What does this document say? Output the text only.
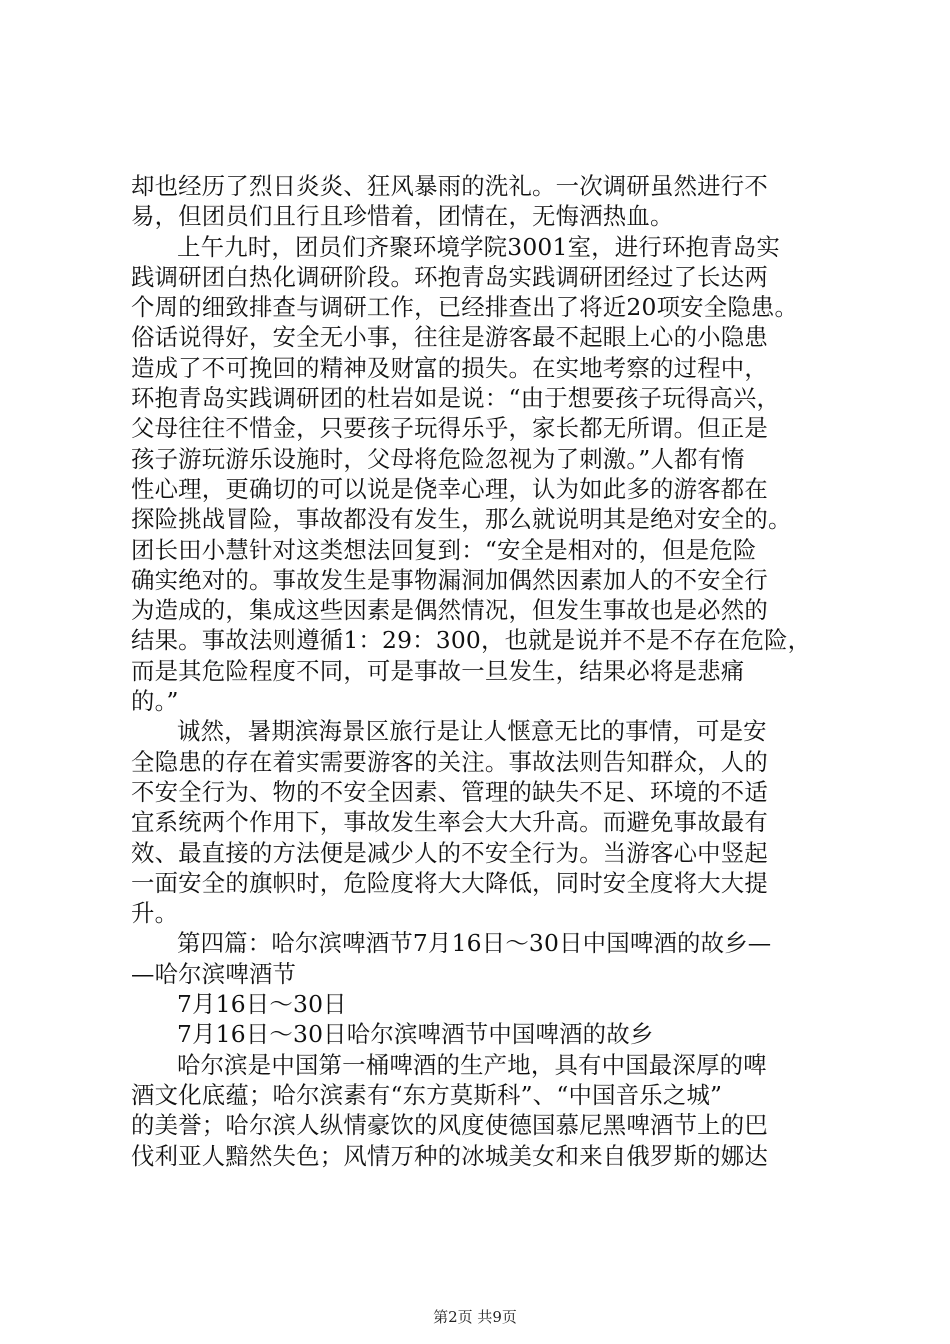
却也经历了烈日炎炎、狂风暴雨的洗礼。一次调研虽然进行不
易，但团员们且行且珍惜着，团情在，无悔洒热血。

上午九时，团员们齐聚环境学院3001室，进行环抱青岛实
践调研团白热化调研阶段。环抱青岛实践调研团经过了长达两
个周的细致排查与调研工作，已经排查出了将近20项安全隐患。
俗话说得好，安全无小事，往往是游客最不起眼上心的小隐患
造成了不可挽回的精神及财富的损失。在实地考察的过程中，
环抱青岛实践调研团的杜岩如是说：“由于想要孩子玩得高兴，
父母往往不惜金，只要孩子玩得乐乎，家长都无所谓。但正是
孩子游玩游乐设施时，父母将危险忽视为了刺激。”人都有惰
性心理，更确切的可以说是侥幸心理，认为如此多的游客都在
探险挑战冒险，事故都没有发生，那么就说明其是绝对安全的。
团长田小慧针对这类想法回复到：“安全是相对的，但是危险
确实绝对的。事故发生是事物漏洞加偶然因素加人的不安全行
为造成的，集成这些因素是偶然情况，但发生事故也是必然的
结果。事故法则遵循1：29：300，也就是说并不是不存在危险，
而是其危险程度不同，可是事故一旦发生，结果必将是悲痛
的。”

诚然，暑期滨海景区旅行是让人惬意无比的事情，可是安
全隐患的存在着实需要游客的关注。事故法则告知群众，人的
不安全行为、物的不安全因素、管理的缺失不足、环境的不适
宜系统两个作用下，事故发生率会大大升高。而避免事故最有
效、最直接的方法便是减少人的不安全行为。当游客心中竖起
一面安全的旗帜时，危险度将大大降低，同时安全度将大大提
升。

第四篇：哈尔滨啤酒节7月16日～30日中国啤酒的故乡—
—哈尔滨啤酒节

7月16日～30日

7月16日～30日哈尔滨啤酒节中国啤酒的故乡

哈尔滨是中国第一桶啤酒的生产地，具有中国最深厚的啤
酒文化底蕴；哈尔滨素有“东方莫斯科”、“中国音乐之城”
的美誉；哈尔滨人纵情豪饮的风度使德国慕尼黑啤酒节上的巴
伐利亚人黯然失色；风情万种的冰城美女和来自俄罗斯的娜达

第2页 共9页
